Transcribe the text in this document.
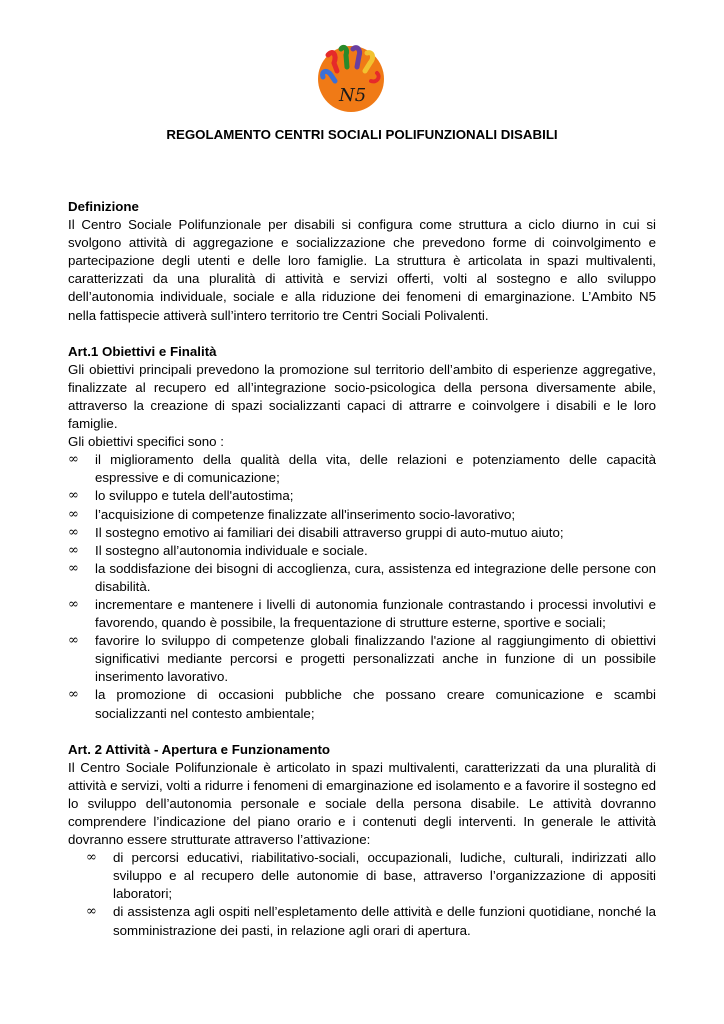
N5
REGOLAMENTO CENTRI SOCIALI POLIFUNZIONALI DISABILI

Definizione

Il Centro Sociale Polifunzionale per disabili si configura come struttura a ciclo diurno in cui si svolgono attività di aggregazione e socializzazione che prevedono forme di coinvolgimento e partecipazione degli utenti e delle loro famiglie. La struttura è articolata in spazi multivalenti, caratterizzati da una pluralità di attività e servizi offerti, volti al sostegno e allo sviluppo dell’autonomia individuale, sociale e alla riduzione dei fenomeni di emarginazione. L’Ambito N5 nella fattispecie attiverà sull’intero territorio tre Centri Sociali Polivalenti.

Art.1 Obiettivi e Finalità

Gli obiettivi principali prevedono la promozione sul territorio dell’ambito di esperienze aggregative, finalizzate al recupero ed all’integrazione socio-psicologica della persona diversamente abile, attraverso la creazione di spazi socializzanti capaci di attrarre e coinvolgere i disabili e le loro famiglie.

Gli obiettivi specifici sono :

∞ il miglioramento della qualità della vita, delle relazioni e potenziamento delle capacità espressive e di comunicazione;
∞ lo sviluppo e tutela dell'autostima;
∞ l’acquisizione di competenze finalizzate all'inserimento socio-lavorativo;
∞ Il sostegno emotivo ai familiari dei disabili attraverso gruppi di auto-mutuo aiuto;
∞ Il sostegno all’autonomia individuale e sociale.
∞ la soddisfazione dei bisogni di accoglienza, cura, assistenza ed integrazione delle persone con disabilità.
∞ incrementare e mantenere i livelli di autonomia funzionale contrastando i processi involutivi e favorendo, quando è possibile, la frequentazione di strutture esterne, sportive e sociali;
∞ favorire lo sviluppo di competenze globali finalizzando l'azione al raggiungimento di obiettivi significativi mediante percorsi e progetti personalizzati anche in funzione di un possibile inserimento lavorativo.
∞ la promozione di occasioni pubbliche che possano creare comunicazione e scambi socializzanti nel contesto ambientale;

Art. 2 Attività - Apertura e Funzionamento

Il Centro Sociale Polifunzionale è articolato in spazi multivalenti, caratterizzati da una pluralità di attività e servizi, volti a ridurre i fenomeni di emarginazione ed isolamento e a favorire il sostegno ed lo sviluppo dell’autonomia personale e sociale della persona disabile. Le attività dovranno comprendere l’indicazione del piano orario e i contenuti degli interventi. In generale le attività dovranno essere strutturate attraverso l’attivazione:

∞ di percorsi educativi, riabilitativo-sociali, occupazionali, ludiche, culturali, indirizzati allo sviluppo e al recupero delle autonomie di base, attraverso l’organizzazione di appositi laboratori;
∞ di assistenza agli ospiti nell’espletamento delle attività e delle funzioni quotidiane, nonché la somministrazione dei pasti, in relazione agli orari di apertura.
